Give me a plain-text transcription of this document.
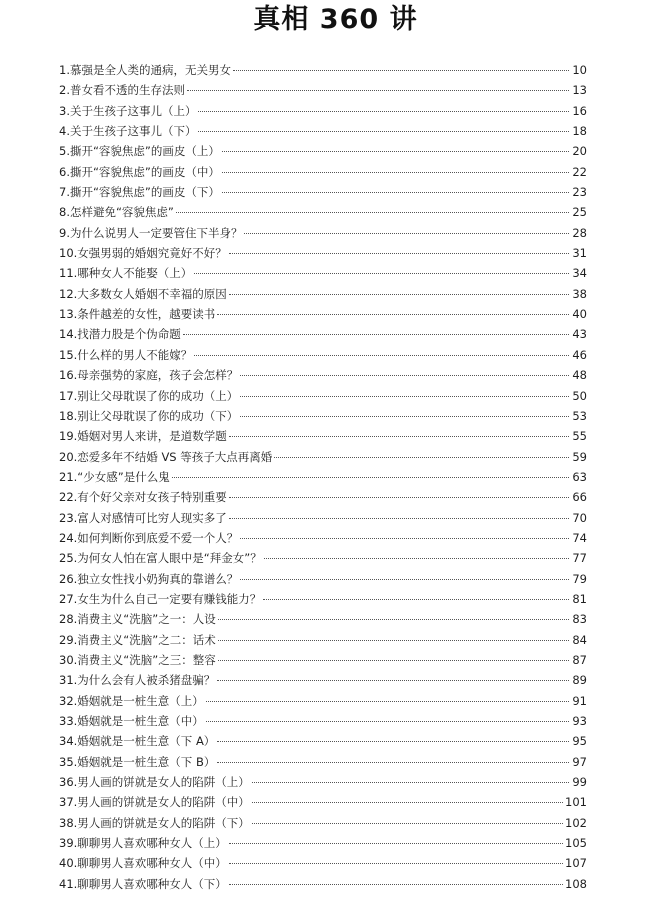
真相 360 讲
1.慕强是全人类的通病，无关男女	10
2.普女看不透的生存法则	13
3.关于生孩子这事儿（上）	16
4.关于生孩子这事儿（下）	18
5.撕开“容貌焦虑”的画皮（上）	20
6.撕开“容貌焦虑”的画皮（中）	22
7.撕开“容貌焦虑”的画皮（下）	23
8.怎样避免“容貌焦虑”	25
9.为什么说男人一定要管住下半身？	28
10.女强男弱的婚姻究竟好不好？	31
11.哪种女人不能娶（上）	34
12.大多数女人婚姻不幸福的原因	38
13.条件越差的女性，越要读书	40
14.找潜力股是个伪命题	43
15.什么样的男人不能嫁？	46
16.母亲强势的家庭，孩子会怎样？	48
17.别让父母耽误了你的成功（上）	50
18.别让父母耽误了你的成功（下）	53
19.婚姻对男人来讲，是道数学题	55
20.恋爱多年不结婚 VS 等孩子大点再离婚	59
21.“少女感”是什么鬼	63
22.有个好父亲对女孩子特别重要	66
23.富人对感情可比穷人现实多了	70
24.如何判断你到底爱不爱一个人？	74
25.为何女人怕在富人眼中是“拜金女”？	77
26.独立女性找小奶狗真的靠谱么？	79
27.女生为什么自己一定要有赚钱能力？	81
28.消费主义“洗脑”之一：人设	83
29.消费主义“洗脑”之二：话术	84
30.消费主义“洗脑”之三：整容	87
31.为什么会有人被杀猪盘骗？	89
32.婚姻就是一桩生意（上）	91
33.婚姻就是一桩生意（中）	93
34.婚姻就是一桩生意（下 A）	95
35.婚姻就是一桩生意（下 B）	97
36.男人画的饼就是女人的陷阱（上）	99
37.男人画的饼就是女人的陷阱（中）	101
38.男人画的饼就是女人的陷阱（下）	102
39.聊聊男人喜欢哪种女人（上）	105
40.聊聊男人喜欢哪种女人（中）	107
41.聊聊男人喜欢哪种女人（下）	108
